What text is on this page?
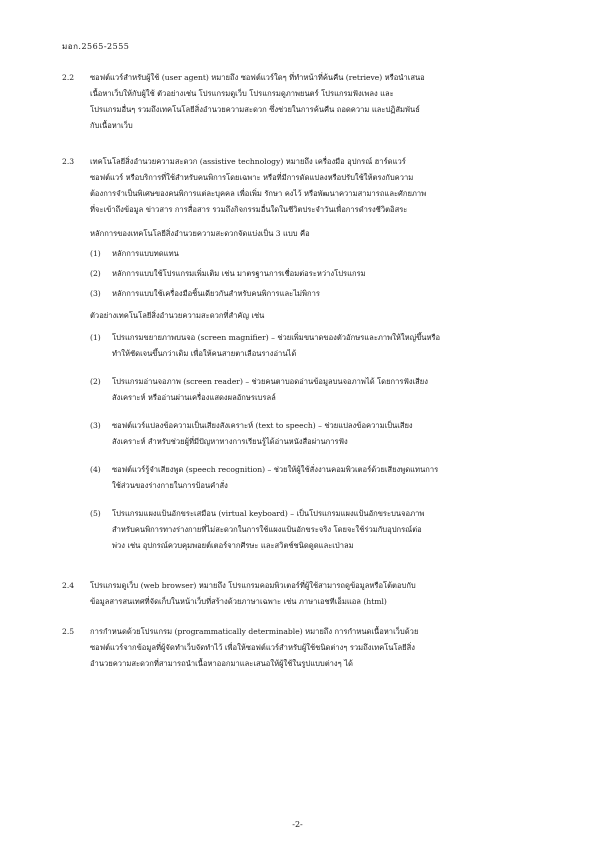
มอก.2565-2555
2.2	ซอฟต์แวร์สำหรับผู้ใช้ (user agent) หมายถึง ซอฟต์แวร์ใดๆ ที่ทำหน้าที่ค้นคืน (retrieve) หรือนำเสนอ
เนื้อหาเว็บให้กับผู้ใช้ ตัวอย่างเช่น โปรแกรมดูเว็บ โปรแกรมดูภาพยนตร์ โปรแกรมฟังเพลง และ
โปรแกรมอื่นๆ รวมถึงเทคโนโลยีสิ่งอำนวยความสะดวก ซึ่งช่วยในการค้นคืน ถอดความ และปฏิสัมพันธ์
กับเนื้อหาเว็บ
2.3	เทคโนโลยีสิ่งอำนวยความสะดวก (assistive technology) หมายถึง เครื่องมือ อุปกรณ์ ฮาร์ดแวร์
ซอฟต์แวร์ หรือบริการที่ใช้สำหรับคนพิการโดยเฉพาะ หรือที่มีการดัดแปลงหรือปรับใช้ให้ตรงกับความ
ต้องการจำเป็นพิเศษของคนพิการแต่ละบุคคล เพื่อเพิ่ม รักษา คงไว้ หรือพัฒนาความสามารถและศักยภาพ
ที่จะเข้าถึงข้อมูล ข่าวสาร การสื่อสาร รวมถึงกิจกรรมอื่นใดในชีวิตประจำวันเพื่อการดำรงชีวิตอิสระ
หลักการของเทคโนโลยีสิ่งอำนวยความสะดวกจัดแบ่งเป็น 3 แบบ คือ
(1)	หลักการแบบทดแทน
(2)	หลักการแบบใช้โปรแกรมเพิ่มเติม เช่น มาตรฐานการเชื่อมต่อระหว่างโปรแกรม
(3)	หลักการแบบใช้เครื่องมือชิ้นเดียวกันสำหรับคนพิการและไม่พิการ
ตัวอย่างเทคโนโลยีสิ่งอำนวยความสะดวกที่สำคัญ เช่น
(1)	โปรแกรมขยายภาพบนจอ (screen magnifier) – ช่วยเพิ่มขนาดของตัวอักษรและภาพให้ใหญ่ขึ้นหรือ
ทำให้ชัดเจนขึ้นกว่าเดิม เพื่อให้คนสายตาเลือนรางอ่านได้
(2)	โปรแกรมอ่านจอภาพ (screen reader) – ช่วยคนตาบอดอ่านข้อมูลบนจอภาพได้ โดยการฟังเสียง
สังเคราะห์ หรืออ่านผ่านเครื่องแสดงผลอักษรเบรลล์
(3)	ซอฟต์แวร์แปลงข้อความเป็นเสียงสังเคราะห์ (text to speech) – ช่วยแปลงข้อความเป็นเสียง
สังเคราะห์ สำหรับช่วยผู้ที่มีปัญหาทางการเรียนรู้ได้อ่านหนังสือผ่านการฟัง
(4)	ซอฟต์แวร์รู้จำเสียงพูด (speech recognition) – ช่วยให้ผู้ใช้สั่งงานคอมพิวเตอร์ด้วยเสียงพูดแทนการ
ใช้ส่วนของร่างกายในการป้อนคำสั่ง
(5)	โปรแกรมแผงแป้นอักขระเสมือน (virtual keyboard) – เป็นโปรแกรมแผงแป้นอักขระบนจอภาพ
สำหรับคนพิการทางร่างกายที่ไม่สะดวกในการใช้แผงแป้นอักขระจริง โดยจะใช้ร่วมกับอุปกรณ์ต่อ
พ่วง เช่น อุปกรณ์ควบคุมพอยต์เตอร์จากศีรษะ และสวิตช์ชนิดดูดและเป่าลม
2.4	โปรแกรมดูเว็บ (web browser) หมายถึง โปรแกรมคอมพิวเตอร์ที่ผู้ใช้สามารถดูข้อมูลหรือโต้ตอบกับ
ข้อมูลสารสนเทศที่จัดเก็บในหน้าเว็บที่สร้างด้วยภาษาเฉพาะ เช่น ภาษาเอชทีเอ็มแอล (html)
2.5	การกำหนดด้วยโปรแกรม (programmatically determinable) หมายถึง การกำหนดเนื้อหาเว็บด้วย
ซอฟต์แวร์จากข้อมูลที่ผู้จัดทำเว็บจัดทำไว้ เพื่อให้ซอฟต์แวร์สำหรับผู้ใช้ชนิดต่างๆ รวมถึงเทคโนโลยีสิ่ง
อำนวยความสะดวกที่สามารถนำเนื้อหาออกมาและเสนอให้ผู้ใช้ในรูปแบบต่างๆ ได้
-2-
